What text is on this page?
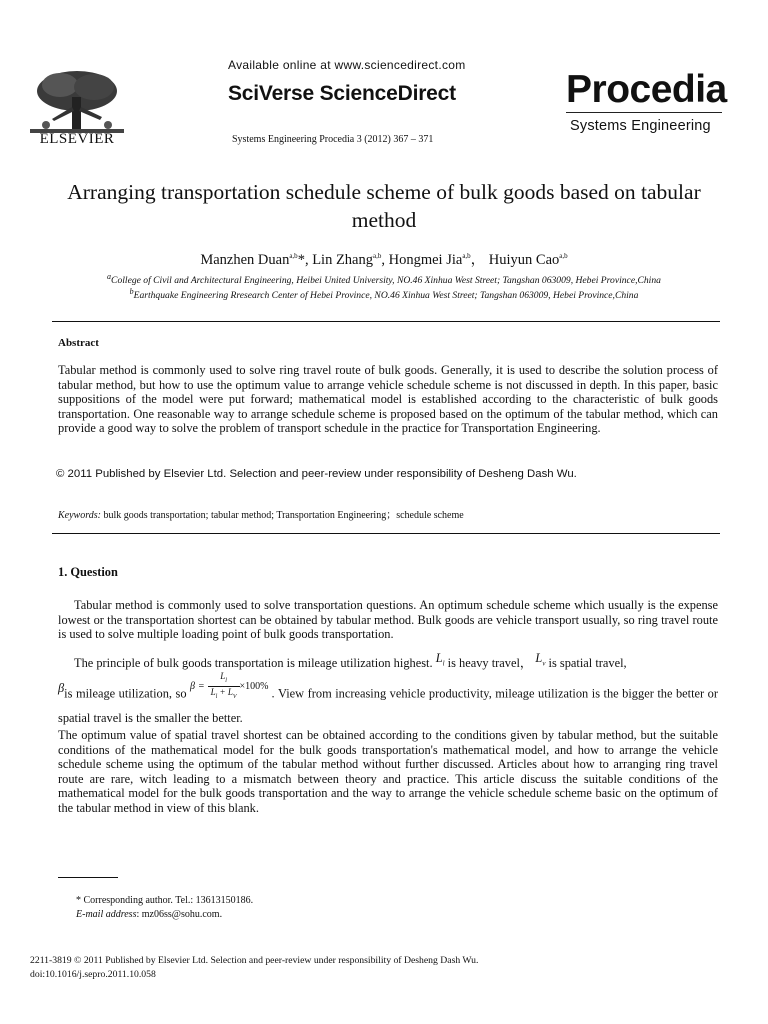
ELSEVIER
Available online at www.sciencedirect.com
SciVerse ScienceDirect
Systems Engineering Procedia 3 (2012) 367 – 371
Procedia
Systems Engineering
Arranging transportation schedule scheme of bulk goods based on tabular method
Manzhen Duan$^{a,b}$*, Lin Zhang$^{a,b}$, Hongmei Jia$^{a,b}$， Huiyun Cao$^{a,b}$
$^a$College of Civil and Architectural Engineering, Heibei United University, NO.46 Xinhua West Street; Tangshan 063009, Hebei Province,China
$^b$Earthquake Engineering Rresearch Center of Hebei Province, NO.46 Xinhua West Street; Tangshan 063009, Hebei Province,China
Abstract
Tabular method is commonly used to solve ring travel route of bulk goods. Generally, it is used to describe the solution process of tabular method, but how to use the optimum value to arrange vehicle schedule scheme is not discussed in depth. In this paper, basic suppositions of the model were put forward; mathematical model is established according to the characteristic of bulk goods transportation. One reasonable way to arrange schedule scheme is proposed based on the optimum of the tabular method, which can provide a good way to solve the problem of transport schedule in the practice for Transportation Engineering.
© 2011 Published by Elsevier Ltd. Selection and peer-review under responsibility of Desheng Dash Wu.
Keywords: bulk goods transportation; tabular method; Transportation Engineering；schedule scheme
1. Question
Tabular method is commonly used to solve transportation questions. An optimum schedule scheme which usually is the expense lowest or the transportation shortest can be obtained by tabular method. Bulk goods are vehicle transport usually, so ring travel route is used to solve multiple loading point of bulk goods transportation.
The principle of bulk goods transportation is mileage utilization highest. $L_l$ is heavy travel， $L_v$ is spatial travel,
βis mileage utilization, so $^{\beta = \frac{L_l}{L_l + L_V} \times 100\%}$ . View from increasing vehicle productivity, mileage utilization is the bigger the better or spatial travel is the smaller the better.
The optimum value of spatial travel shortest can be obtained according to the conditions given by tabular method, but the suitable conditions of the mathematical model for the bulk goods transportation's mathematical model, and how to arrange the vehicle schedule scheme using the optimum of the tabular method without further discussed. Articles about how to arranging ring travel route are rare, witch leading to a mismatch between theory and practice. This article discuss the suitable conditions of the mathematical model for the bulk goods transportation and the way to arrange the vehicle schedule scheme basic on the optimum of the tabular method in view of this blank.
* Corresponding author. Tel.: 13613150186.
E-mail address: mz06ss@sohu.com.
2211-3819 © 2011 Published by Elsevier Ltd. Selection and peer-review under responsibility of Desheng Dash Wu.
doi:10.1016/j.sepro.2011.10.058
